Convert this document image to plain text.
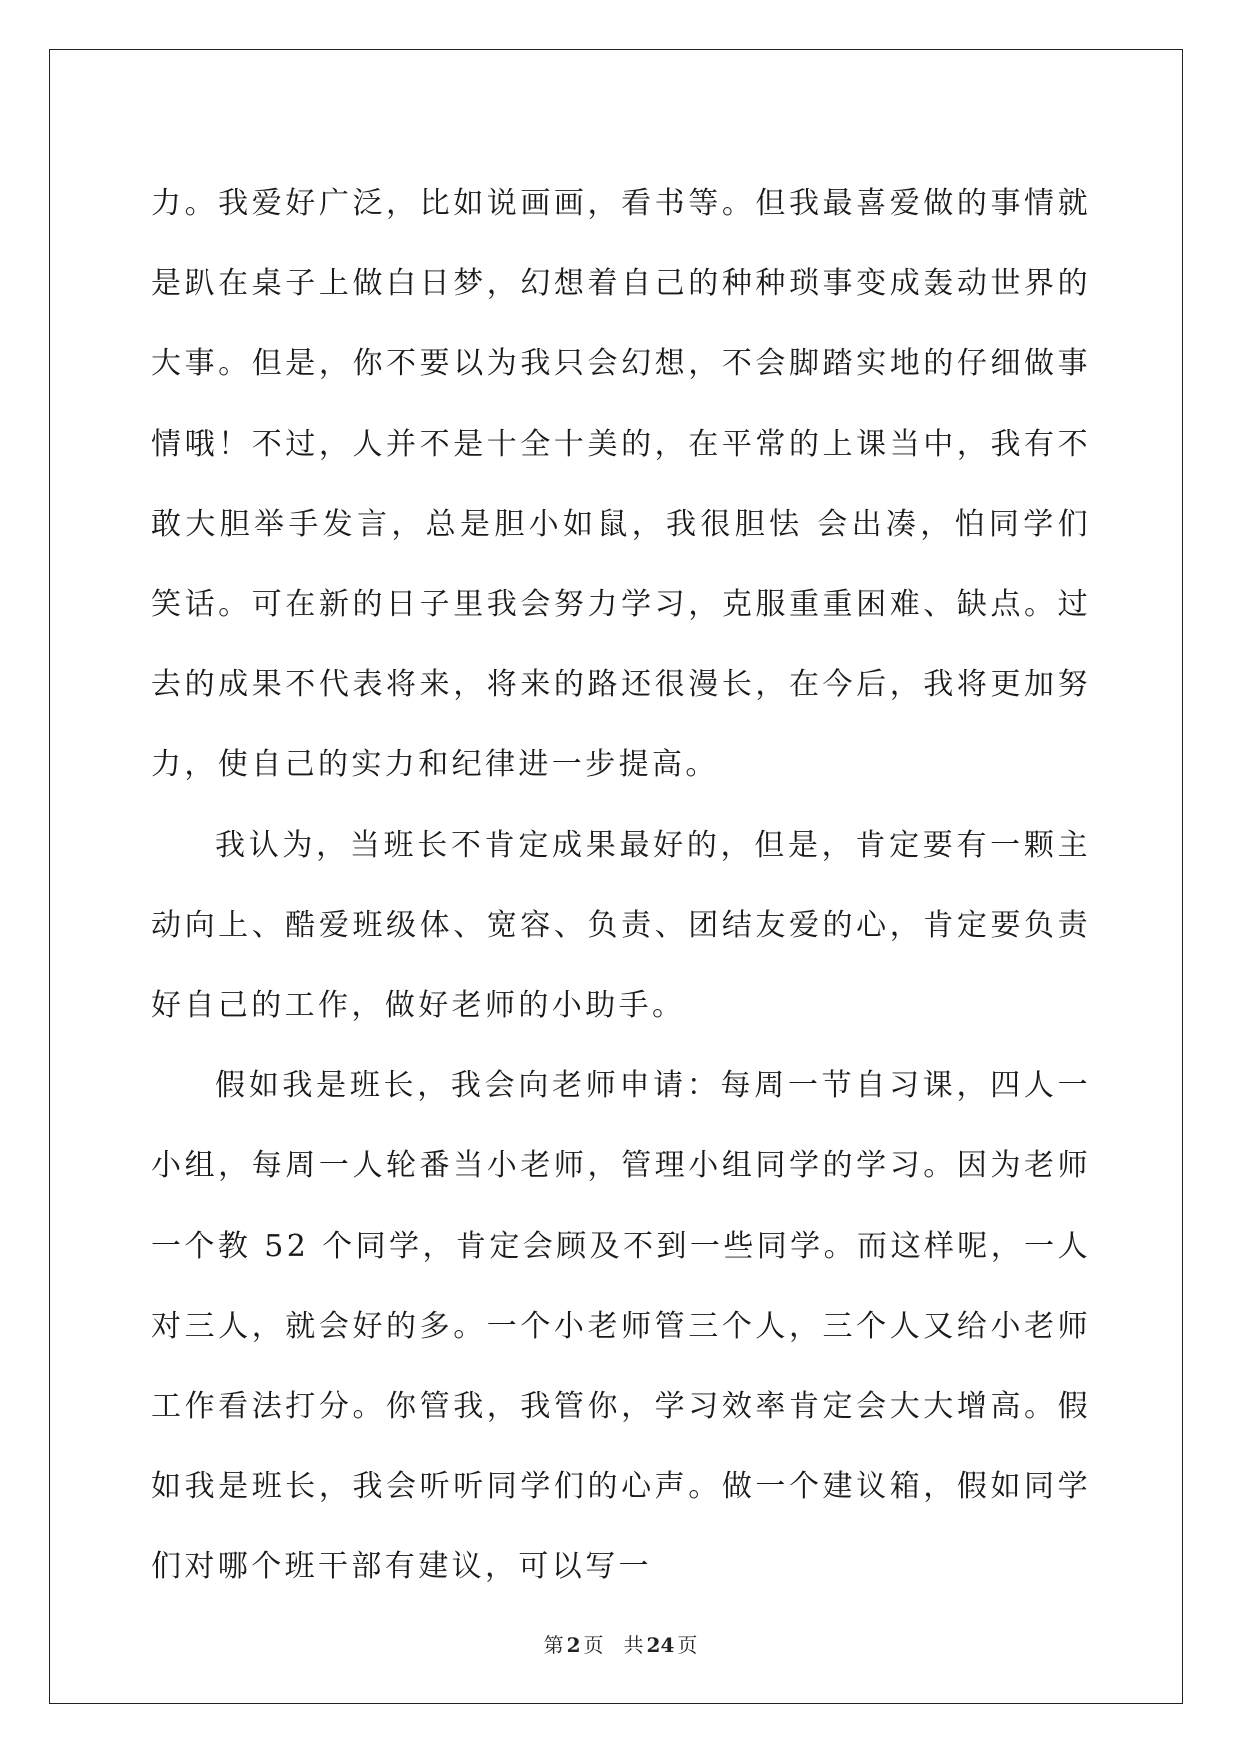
力。我爱好广泛，比如说画画，看书等。但我最喜爱做的事情就是趴在桌子上做白日梦，幻想着自己的种种琐事变成轰动世界的大事。但是，你不要以为我只会幻想，不会脚踏实地的仔细做事情哦！不过，人并不是十全十美的，在平常的上课当中，我有不敢大胆举手发言，总是胆小如鼠，我很胆怯 会出凑，怕同学们笑话。可在新的日子里我会努力学习，克服重重困难、缺点。过去的成果不代表将来，将来的路还很漫长，在今后，我将更加努力，使自己的实力和纪律进一步提高。

我认为，当班长不肯定成果最好的，但是，肯定要有一颗主动向上、酷爱班级体、宽容、负责、团结友爱的心，肯定要负责好自己的工作，做好老师的小助手。

假如我是班长，我会向老师申请：每周一节自习课，四人一小组，每周一人轮番当小老师，管理小组同学的学习。因为老师一个教 52 个同学，肯定会顾及不到一些同学。而这样呢，一人对三人，就会好的多。一个小老师管三个人，三个人又给小老师工作看法打分。你管我，我管你，学习效率肯定会大大增高。假如我是班长，我会听听同学们的心声。做一个建议箱，假如同学们对哪个班干部有建议，可以写一

第 2 页 共 24 页
